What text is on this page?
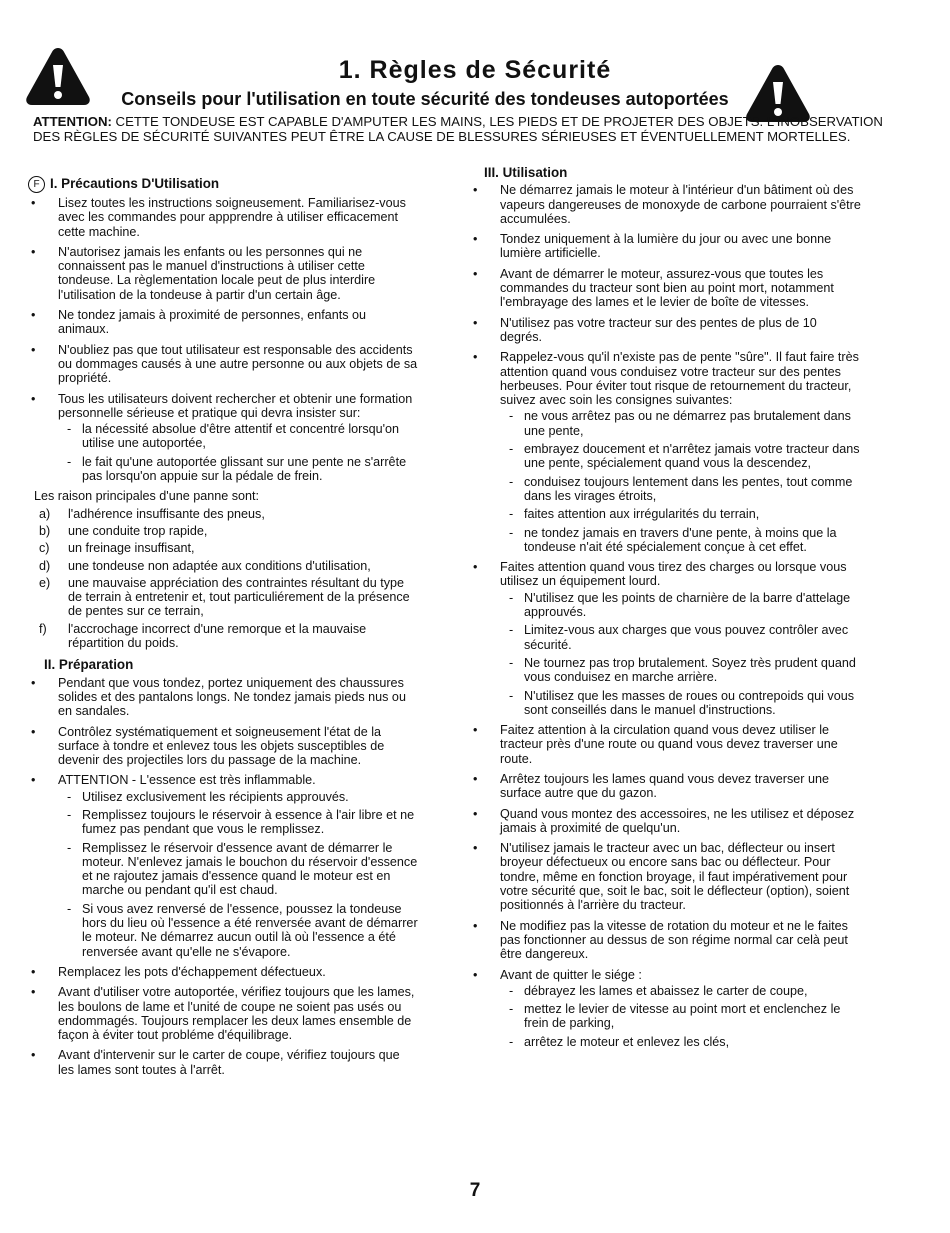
1. Règles de Sécurité
Conseils pour l'utilisation en toute sécurité des tondeuses autoportées

ATTENTION: CETTE TONDEUSE EST CAPABLE D'AMPUTER LES MAINS, LES PIEDS ET DE PROJETER DES OBJETS. L'INOBSERVATION DES RÈGLES DE SÉCURITÉ SUIVANTES PEUT ÊTRE LA CAUSE DE BLESSURES SÉRIEUSES ET ÉVENTUELLEMENT MORTELLES.

F I. Précautions D'Utilisation
• Lisez toutes les instructions soigneusement. Familiarisez-vous avec les commandes pour appprendre à utiliser efficacement cette machine.
• N'autorisez jamais les enfants ou les personnes qui ne connaissent pas le manuel d'instructions à utiliser cette tondeuse. La règlementation locale peut de plus interdire l'utilisation de la tondeuse à partir d'un certain âge.
• Ne tondez jamais à proximité de personnes, enfants ou animaux.
• N'oubliez pas que tout utilisateur est responsable des accidents ou dommages causés à une autre personne ou aux objets de sa propriété.
• Tous les utilisateurs doivent rechercher et obtenir une formation personnelle sérieuse et pratique qui devra insister sur:
- la nécessité absolue d'être attentif et concentré lorsqu'on utilise une autoportée,
- le fait qu'une autoportée glissant sur une pente ne s'arrête pas lorsqu'on appuie sur la pédale de frein.

Les raison principales d'une panne sont:

a) l'adhérence insuffisante des pneus,
b) une conduite trop rapide,
c) un freinage insuffisant,
d) une tondeuse non adaptée aux conditions d'utilisation,
e) une mauvaise appréciation des contraintes résultant du type de terrain à entretenir et, tout particuliérement de la présence de pentes sur ce terrain,
f) l'accrochage incorrect d'une remorque et la mauvaise répartition du poids.
II. Préparation
• Pendant que vous tondez, portez uniquement des chaussures solides et des pantalons longs. Ne tondez jamais pieds nus ou en sandales.
• Contrôlez systématiquement et soigneusement l'état de la surface à tondre et enlevez tous les objets susceptibles de devenir des projectiles lors du passage de la machine.
• ATTENTION - L'essence est très inflammable.
- Utilisez exclusivement les récipients approuvés.
- Remplissez toujours le réservoir à essence à l'air libre et ne fumez pas pendant que vous le remplissez.
- Remplissez le réservoir d'essence avant de démarrer le moteur. N'enlevez jamais le bouchon du réservoir d'essence et ne rajoutez jamais d'essence quand le moteur est en marche ou pendant qu'il est chaud.
- Si vous avez renversé de l'essence, poussez la tondeuse hors du lieu où l'essence a été renversée avant de démarrer le moteur. Ne démarrez aucun outil là où l'essence a été renversée avant qu'elle ne s'évapore.
• Remplacez les pots d'échappement défectueux.
• Avant d'utiliser votre autoportée, vérifiez toujours que les lames, les boulons de lame et l'unité de coupe ne soient pas usés ou endommagés. Toujours remplacer les deux lames ensemble de façon à éviter tout probléme d'équilibrage.
• Avant d'intervenir sur le carter de coupe, vérifiez toujours que les lames sont toutes à l'arrêt.
III. Utilisation
• Ne démarrez jamais le moteur à l'intérieur d'un bâtiment où des vapeurs dangereuses de monoxyde de carbone pourraient s'être accumulées.
• Tondez uniquement à la lumière du jour ou avec une bonne lumière artificielle.
• Avant de démarrer le moteur, assurez-vous que toutes les commandes du tracteur sont bien au point mort, notamment l'embrayage des lames et le levier de boîte de vitesses.
• N'utilisez pas votre tracteur sur des pentes de plus de 10 degrés.
• Rappelez-vous qu'il n'existe pas de pente "sûre". Il faut faire très attention quand vous conduisez votre tracteur sur des pentes herbeuses. Pour éviter tout risque de retournement du tracteur, suivez avec soin les consignes suivantes:
- ne vous arrêtez pas ou ne démarrez pas brutalement dans une pente,
- embrayez doucement et n'arrêtez jamais votre tracteur dans une pente, spécialement quand vous la descendez,
- conduisez toujours lentement dans les pentes, tout comme dans les virages étroits,
- faites attention aux irrégularités du terrain,
- ne tondez jamais en travers d'une pente, à moins que la tondeuse n'ait été spécialement conçue à cet effet.
• Faites attention quand vous tirez des charges ou lorsque vous utilisez un équipement lourd.
- N'utilisez que les points de charnière de la barre d'attelage approuvés.
- Limitez-vous aux charges que vous pouvez contrôler avec sécurité.
- Ne tournez pas trop brutalement. Soyez très prudent quand vous conduisez en marche arrière.
- N'utilisez que les masses de roues ou contrepoids qui vous sont conseillés dans le manuel d'instructions.
• Faitez attention à la circulation quand vous devez utiliser le tracteur près d'une route ou quand vous devez traverser une route.
• Arrêtez toujours les lames quand vous devez traverser une surface autre que du gazon.
• Quand vous montez des accessoires, ne les utilisez et déposez jamais à proximité de quelqu'un.
• N'utilisez jamais le tracteur avec un bac, déflecteur ou insert broyeur défectueux ou encore sans bac ou déflecteur. Pour tondre, même en fonction broyage, il faut impérativement pour votre sécurité que, soit le bac, soit le déflecteur (option), soient positionnés à l'arrière du tracteur.
• Ne modifiez pas la vitesse de rotation du moteur et ne le faites pas fonctionner au dessus de son régime normal car celà peut être dangereux.
• Avant de quitter le siége :
- débrayez les lames et abaissez le carter de coupe,
- mettez le levier de vitesse au point mort et enclenchez le frein de parking,
- arrêtez le moteur et enlevez les clés,
7
